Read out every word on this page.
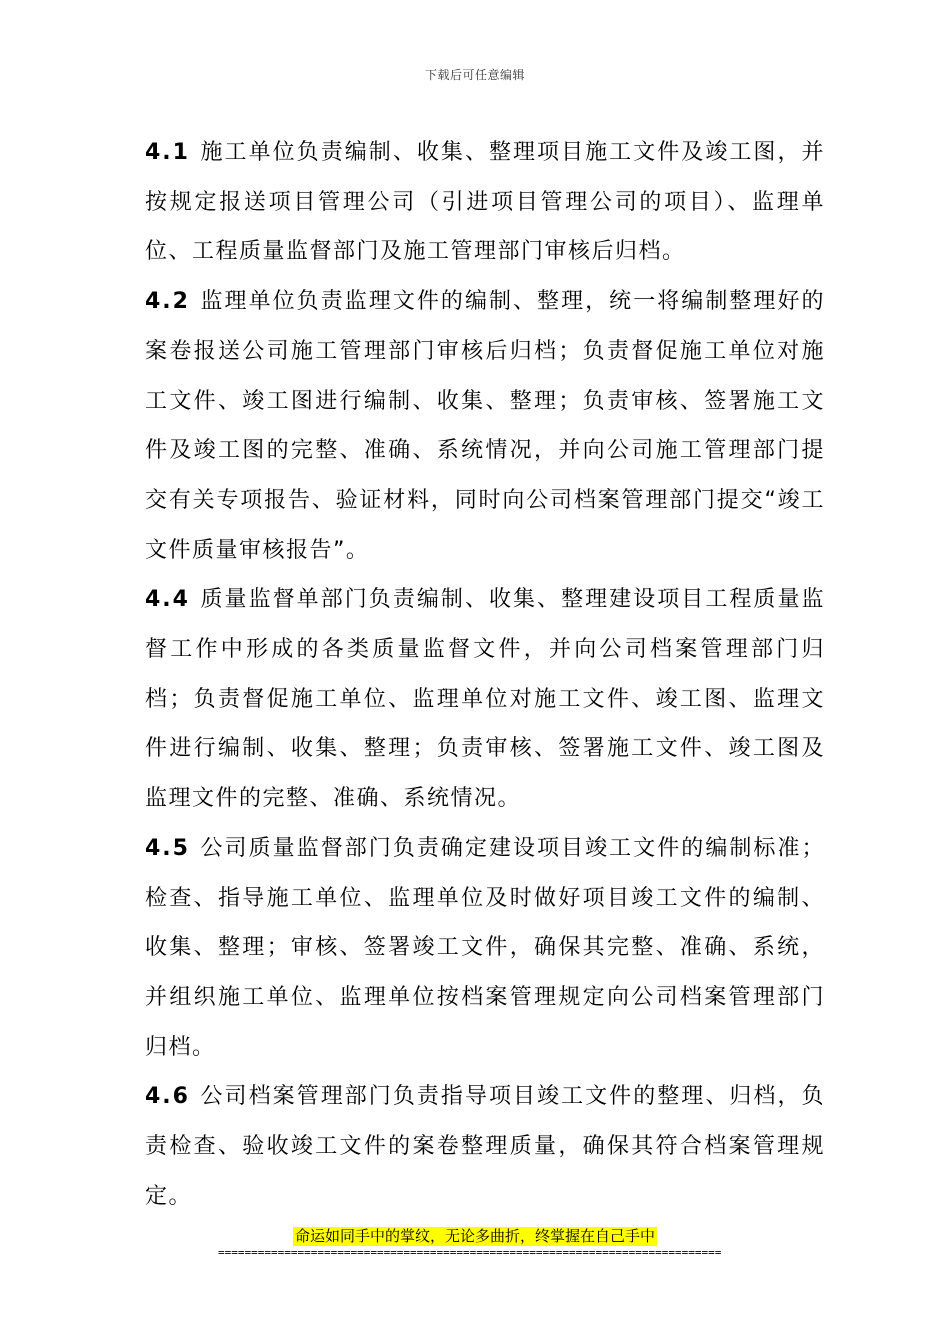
下载后可任意编辑

4.1 施工单位负责编制、收集、整理项目施工文件及竣工图，并按规定报送项目管理公司（引进项目管理公司的项目）、监理单位、工程质量监督部门及施工管理部门审核后归档。

4.2 监理单位负责监理文件的编制、整理，统一将编制整理好的案卷报送公司施工管理部门审核后归档；负责督促施工单位对施工文件、竣工图进行编制、收集、整理；负责审核、签署施工文件及竣工图的完整、准确、系统情况，并向公司施工管理部门提交有关专项报告、验证材料，同时向公司档案管理部门提交“竣工文件质量审核报告”。

4.4 质量监督单部门负责编制、收集、整理建设项目工程质量监督工作中形成的各类质量监督文件，并向公司档案管理部门归档；负责督促施工单位、监理单位对施工文件、竣工图、监理文件进行编制、收集、整理；负责审核、签署施工文件、竣工图及监理文件的完整、准确、系统情况。

4.5 公司质量监督部门负责确定建设项目竣工文件的编制标准；检查、指导施工单位、监理单位及时做好项目竣工文件的编制、收集、整理；审核、签署竣工文件，确保其完整、准确、系统，并组织施工单位、监理单位按档案管理规定向公司档案管理部门归档。

4.6 公司档案管理部门负责指导项目竣工文件的整理、归档，负责检查、验收竣工文件的案卷整理质量，确保其符合档案管理规定。

命运如同手中的掌纹，无论多曲折，终掌握在自己手中
============================================================================
